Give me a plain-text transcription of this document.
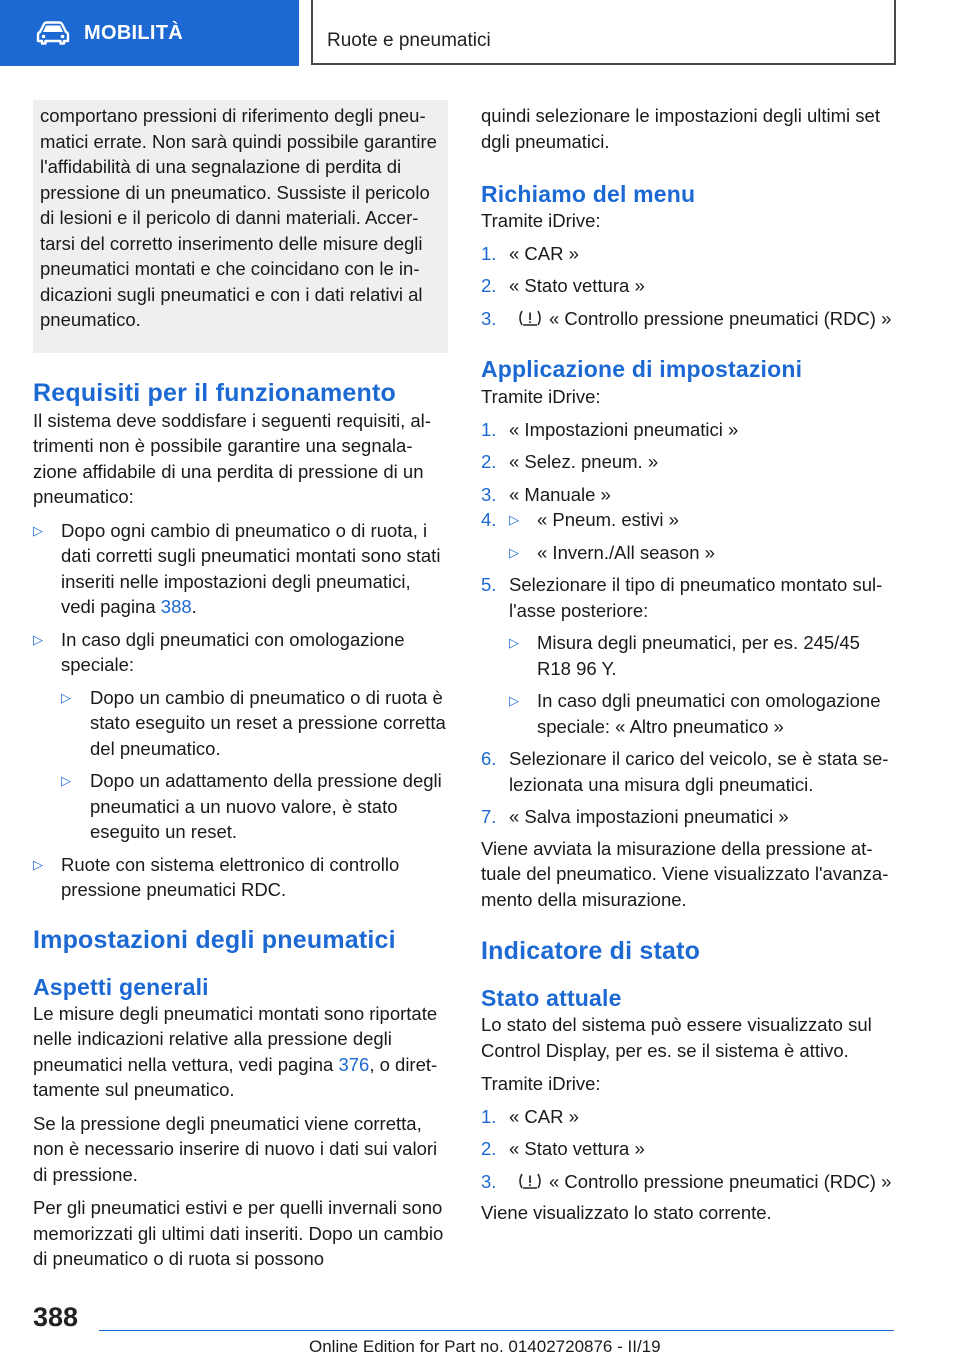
MOBILITÀ	Ruote e pneumatici

comportano pressioni di riferimento degli pneumatici errate. Non sarà quindi possibile garantire l'affidabilità di una segnalazione di perdita di pressione di un pneumatico. Sussiste il pericolo di lesioni e il pericolo di danni materiali. Accertarsi del corretto inserimento delle misure degli pneumatici montati e che coincidano con le indicazioni sugli pneumatici e con i dati relativi al pneumatico.

Requisiti per il funzionamento

Il sistema deve soddisfare i seguenti requisiti, altrimenti non è possibile garantire una segnalazione affidabile di una perdita di pressione di un pneumatico:

▷ Dopo ogni cambio di pneumatico o di ruota, i dati corretti sugli pneumatici montati sono stati inseriti nelle impostazioni degli pneumatici, vedi pagina 388.
▷ In caso dgli pneumatici con omologazione speciale:
▷ Dopo un cambio di pneumatico o di ruota è stato eseguito un reset a pressione corretta del pneumatico.
▷ Dopo un adattamento della pressione degli pneumatici a un nuovo valore, è stato eseguito un reset.
▷ Ruote con sistema elettronico di controllo pressione pneumatici RDC.
Impostazioni degli pneumatici
Aspetti generali

Le misure degli pneumatici montati sono riportate nelle indicazioni relative alla pressione degli pneumatici nella vettura, vedi pagina 376, o direttamente sul pneumatico.

Se la pressione degli pneumatici viene corretta, non è necessario inserire di nuovo i dati sui valori di pressione.

Per gli pneumatici estivi e per quelli invernali sono memorizzati gli ultimi dati inseriti. Dopo un cambio di pneumatico o di ruota si possono

quindi selezionare le impostazioni degli ultimi set dgli pneumatici.

Richiamo del menu

Tramite iDrive:

1. « CAR »
2. « Stato vettura »
3.	« Controllo pressione pneumatici (RDC) »
Applicazione di impostazioni

Tramite iDrive:

1. « Impostazioni pneumatici »
2. « Selez. pneum. »
3. « Manuale »
4.
▷	« Pneum. estivi »
▷ « Invern./All season »
5. Selezionare il tipo di pneumatico montato sull'asse posteriore:
▷ Misura degli pneumatici, per es. 245/45 R18 96 Y.
▷ In caso dgli pneumatici con omologazione speciale: « Altro pneumatico »
6. Selezionare il carico del veicolo, se è stata selezionata una misura dgli pneumatici.
7. « Salva impostazioni pneumatici »

Viene avviata la misurazione della pressione attuale del pneumatico. Viene visualizzato l'avanzamento della misurazione.

Indicatore di stato
Stato attuale

Lo stato del sistema può essere visualizzato sul Control Display, per es. se il sistema è attivo.

Tramite iDrive:

1. « CAR »
2. « Stato vettura »
3.	« Controllo pressione pneumatici (RDC) »

Viene visualizzato lo stato corrente.

388
Online Edition for Part no. 01402720876 - II/19
